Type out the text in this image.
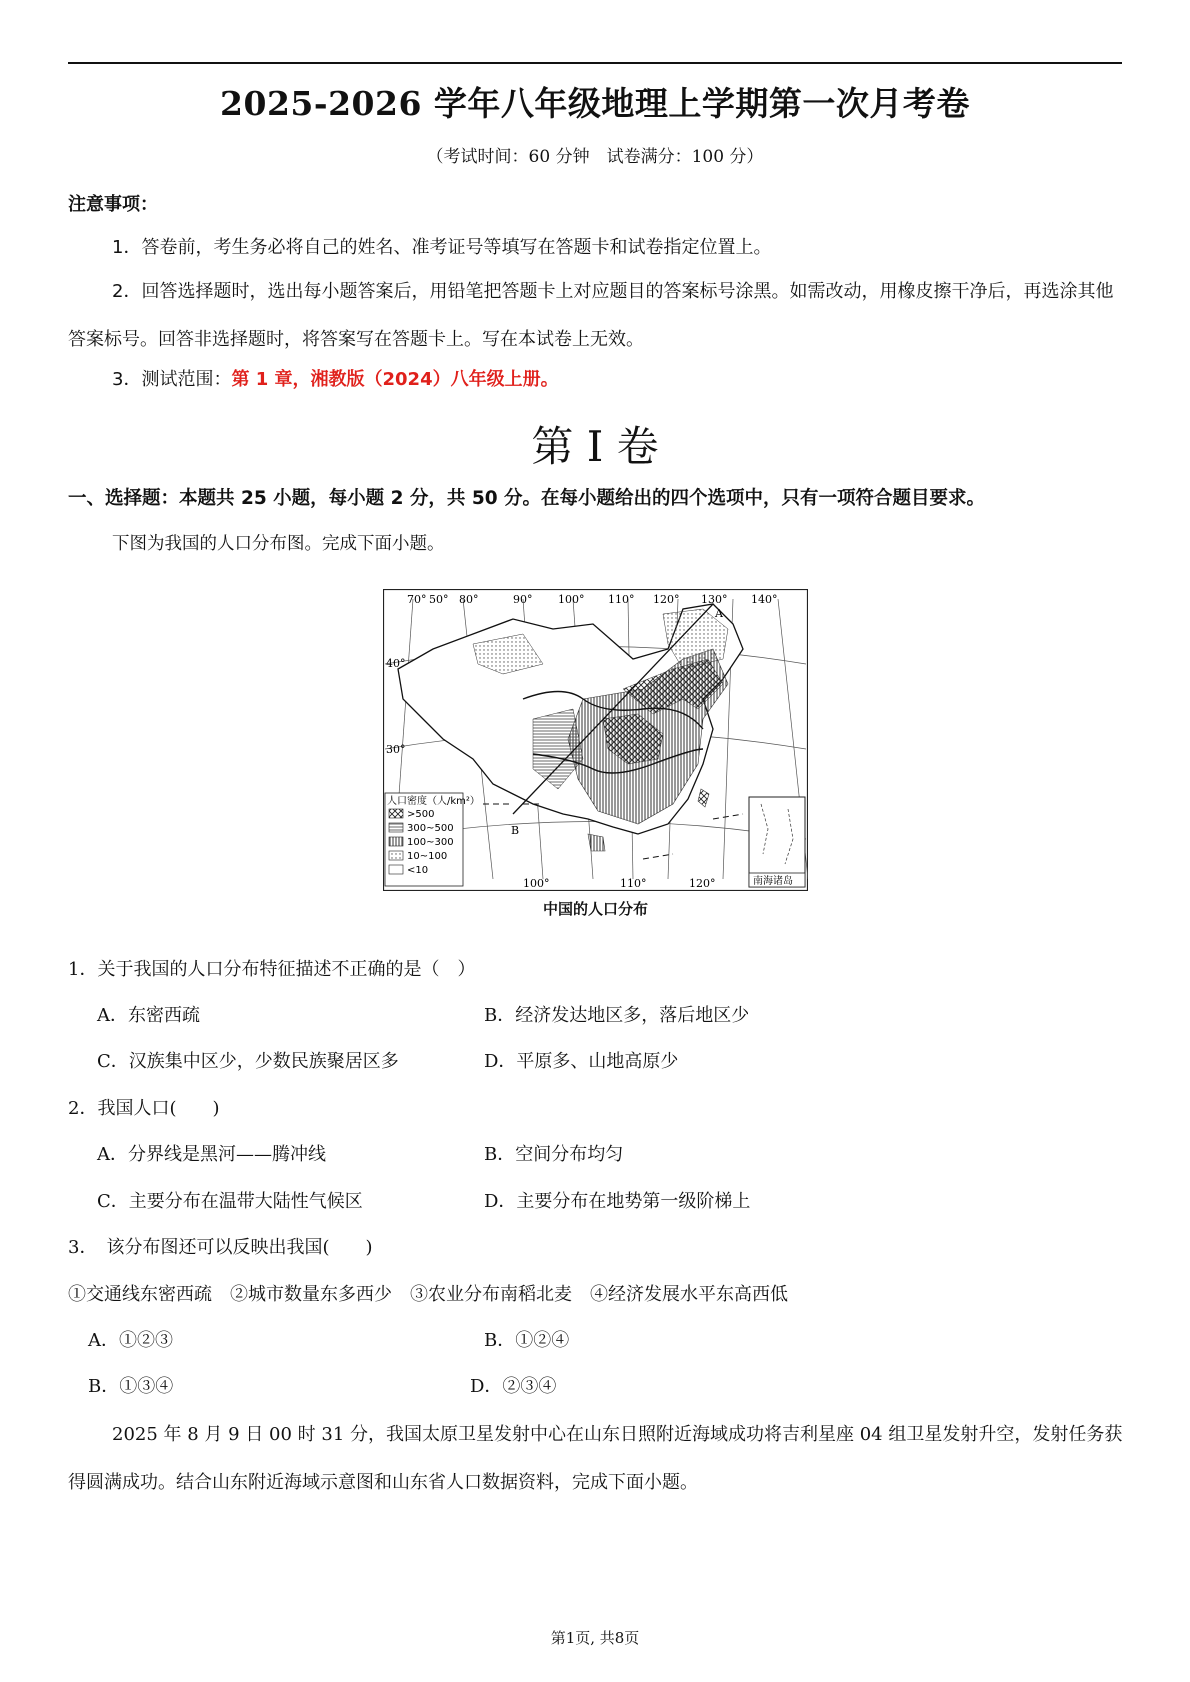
2025-2026 学年八年级地理上学期第一次月考卷
（考试时间：60 分钟　试卷满分：100 分）
注意事项：
1．答卷前，考生务必将自己的姓名、准考证号等填写在答题卡和试卷指定位置上。
2．回答选择题时，选出每小题答案后，用铅笔把答题卡上对应题目的答案标号涂黑。如需改动，用橡皮擦干净后，再选涂其他答案标号。回答非选择题时，将答案写在答题卡上。写在本试卷上无效。
3．测试范围：第 1 章，湘教版（2024）八年级上册。
第 I 卷
一、选择题：本题共 25 小题，每小题 2 分，共 50 分。在每小题给出的四个选项中，只有一项符合题目要求。
下图为我国的人口分布图。完成下面小题。
70° 50° 80°	90° 100° 110° 120° 130° 140°
100°	110°	120°
40°
30°
A
B
人口密度（人/km²）
>500
300~500
100~300
10~100
<10
南海诸岛
中国的人口分布
1．关于我国的人口分布特征描述不正确的是（　）
A．东密西疏	B．经济发达地区多，落后地区少
C．汉族集中区少，少数民族聚居区多	D．平原多、山地高原少
2．我国人口(　　)
A．分界线是黑河——腾冲线	B．空间分布均匀
C．主要分布在温带大陆性气候区	D．主要分布在地势第一级阶梯上
3．　该分布图还可以反映出我国(　　)
①交通线东密西疏　②城市数量东多西少　③农业分布南稻北麦　④经济发展水平东高西低
A．①②③	B．①②④
B．①③④	D．②③④
2025 年 8 月 9 日 00 时 31 分，我国太原卫星发射中心在山东日照附近海域成功将吉利星座 04 组卫星发射升空，发射任务获得圆满成功。结合山东附近海域示意图和山东省人口数据资料，完成下面小题。
第1页, 共8页
